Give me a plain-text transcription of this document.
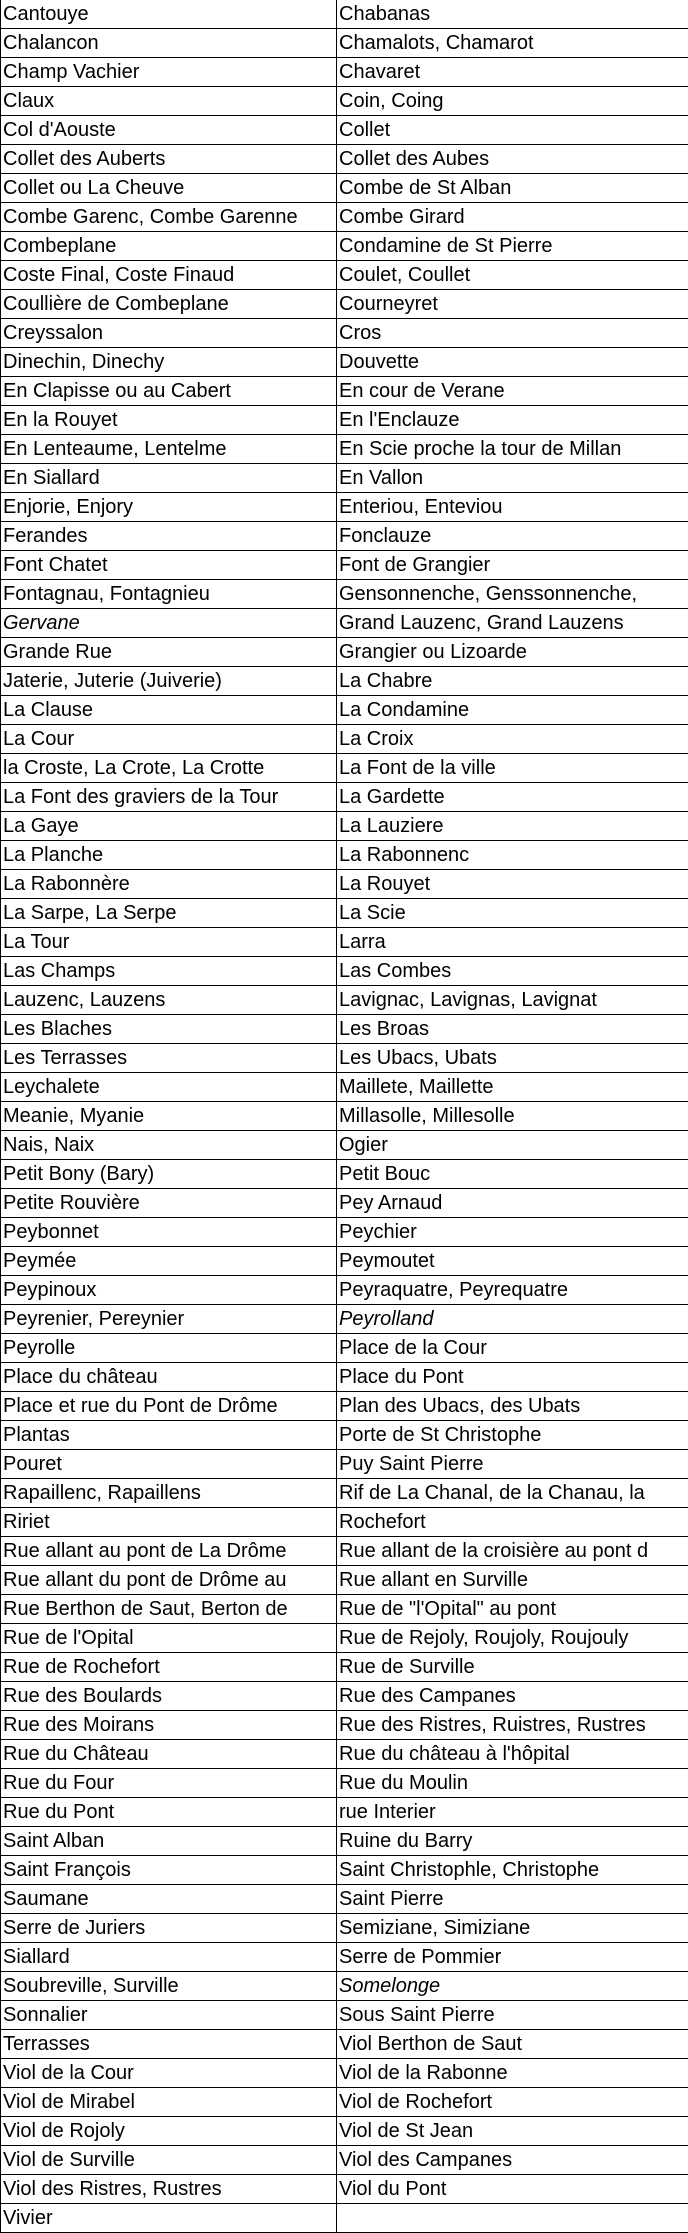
Cantouye	Chabanas
Chalancon	Chamalots, Chamarot
Champ Vachier	Chavaret
Claux	Coin, Coing
Col d'Aouste	Collet
Collet des Auberts	Collet des Aubes
Collet ou La Cheuve	Combe de St Alban
Combe Garenc, Combe Garenne	Combe Girard
Combeplane	Condamine de St Pierre
Coste Final, Coste Finaud	Coulet, Coullet
Coullière de Combeplane	Courneyret
Creyssalon	Cros
Dinechin, Dinechy	Douvette
En Clapisse ou au Cabert	En cour de Verane
En la Rouyet	En l'Enclauze
En Lenteaume, Lentelme	En Scie proche la tour de Millan
En Siallard	En Vallon
Enjorie, Enjory	Enteriou, Enteviou
Ferandes	Fonclauze
Font Chatet	Font de Grangier
Fontagnau, Fontagnieu	Gensonnenche, Genssonnenche,
Gervane	Grand Lauzenc, Grand Lauzens
Grande Rue	Grangier ou Lizoarde
Jaterie, Juterie (Juiverie)	La Chabre
La Clause	La Condamine
La Cour	La Croix
la Croste, La Crote, La Crotte	La Font de la ville
La Font des graviers de la Tour	La Gardette
La Gaye	La Lauziere
La Planche	La Rabonnenc
La Rabonnère	La Rouyet
La Sarpe, La Serpe	La Scie
La Tour	Larra
Las Champs	Las Combes
Lauzenc, Lauzens	Lavignac, Lavignas, Lavignat
Les Blaches	Les Broas
Les Terrasses	Les Ubacs, Ubats
Leychalete	Maillete, Maillette
Meanie, Myanie	Millasolle, Millesolle
Nais, Naix	Ogier
Petit Bony (Bary)	Petit Bouc
Petite Rouvière	Pey Arnaud
Peybonnet	Peychier
Peymée	Peymoutet
Peypinoux	Peyraquatre, Peyrequatre
Peyrenier, Pereynier	Peyrolland
Peyrolle	Place de la Cour
Place du château	Place du Pont
Place et rue du Pont de Drôme	Plan des Ubacs, des Ubats
Plantas	Porte de St Christophe
Pouret	Puy Saint Pierre
Rapaillenc, Rapaillens	Rif de La Chanal, de la Chanau, la
Ririet	Rochefort
Rue allant au pont de La Drôme	Rue allant de la croisière au pont d
Rue allant du pont de Drôme au	Rue allant en Surville
Rue Berthon de Saut, Berton de	Rue de "l'Opital" au pont
Rue de l'Opital	Rue de Rejoly, Roujoly, Roujouly
Rue de Rochefort	Rue de Surville
Rue des Boulards	Rue des Campanes
Rue des Moirans	Rue des Ristres, Ruistres, Rustres
Rue du Château	Rue du château à l'hôpital
Rue du Four	Rue du Moulin
Rue du Pont	rue Interier
Saint Alban	Ruine du Barry
Saint François	Saint Christophle, Christophe
Saumane	Saint Pierre
Serre de Juriers	Semiziane, Simiziane
Siallard	Serre de Pommier
Soubreville, Surville	Somelonge
Sonnalier	Sous Saint Pierre
Terrasses	Viol Berthon de Saut
Viol de la Cour	Viol de la Rabonne
Viol de Mirabel	Viol de Rochefort
Viol de Rojoly	Viol de St Jean
Viol de Surville	Viol des Campanes
Viol des Ristres, Rustres	Viol du Pont
Vivier	
